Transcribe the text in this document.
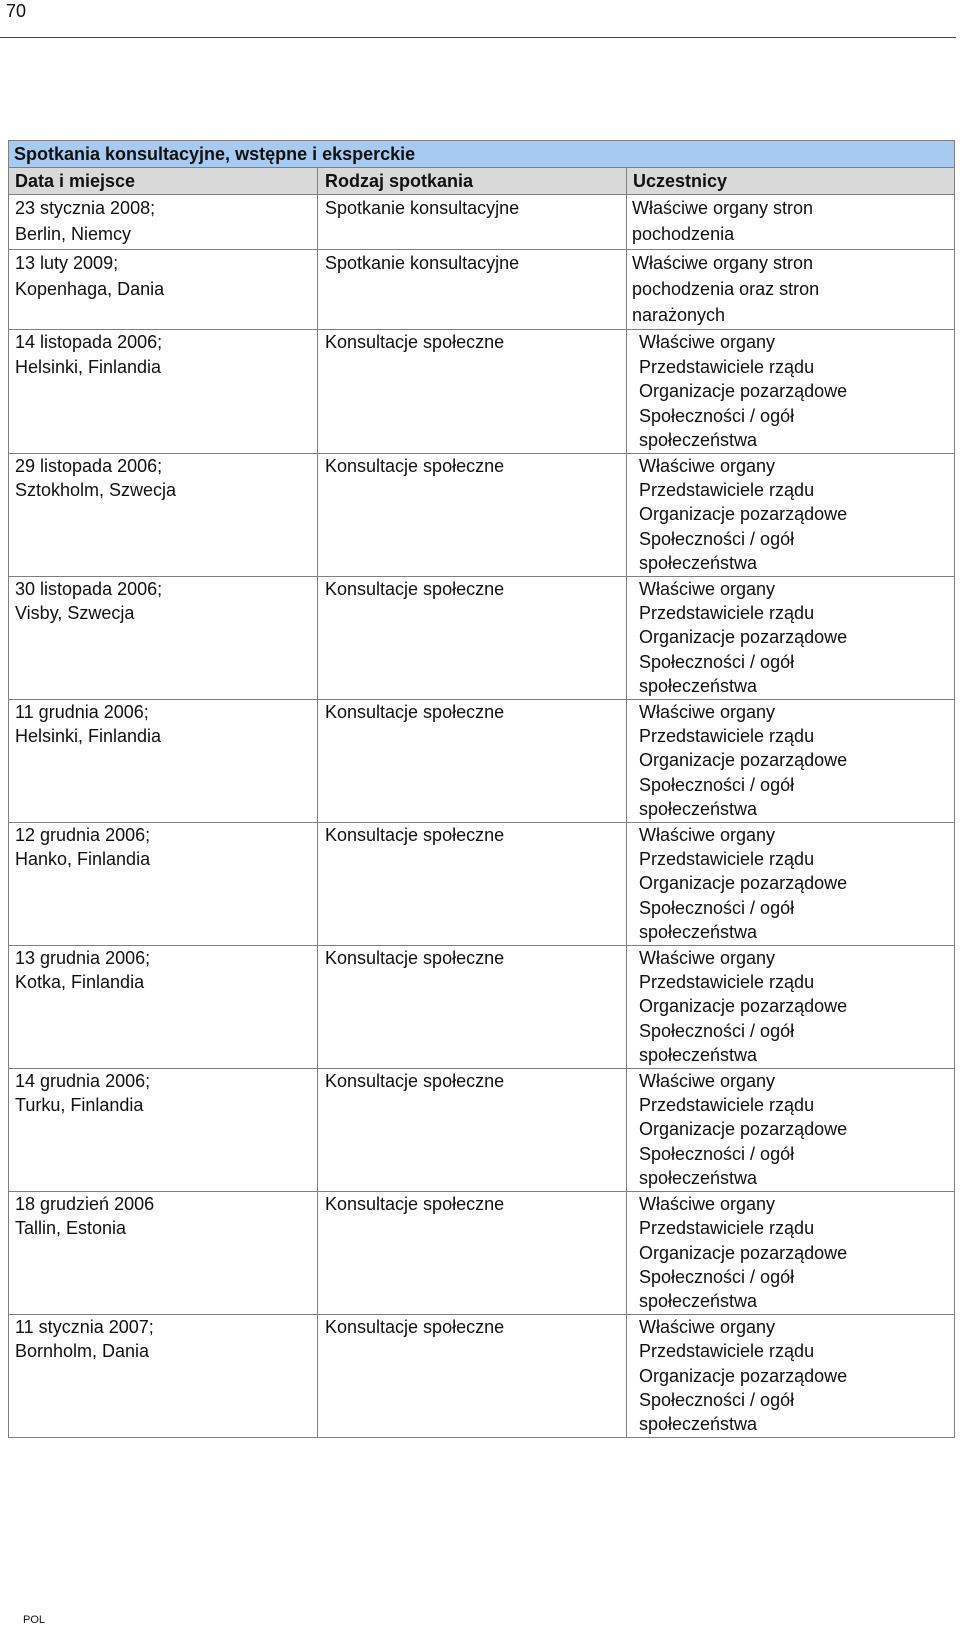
70
Spotkania konsultacyjne, wstępne i eksperckie		
Data i miejsce	Rodzaj spotkania	Uczestnicy

23 stycznia 2008;
Berlin, Niemcy	Spotkanie konsultacyjne	Właściwe organy stron
pochodzenia

13 luty 2009;
Kopenhaga, Dania	Spotkanie konsultacyjne	Właściwe organy stron
pochodzenia oraz stron
narażonych

14 listopada 2006;
Helsinki, Finlandia	Konsultacje społeczne	Właściwe organy
Przedstawiciele rządu
Organizacje pozarządowe
Społeczności / ogół
społeczeństwa

29 listopada 2006;
Sztokholm, Szwecja	Konsultacje społeczne	Właściwe organy
Przedstawiciele rządu
Organizacje pozarządowe
Społeczności / ogół
społeczeństwa

30 listopada 2006;
Visby, Szwecja	Konsultacje społeczne	Właściwe organy
Przedstawiciele rządu
Organizacje pozarządowe
Społeczności / ogół
społeczeństwa

11 grudnia 2006;
Helsinki, Finlandia	Konsultacje społeczne	Właściwe organy
Przedstawiciele rządu
Organizacje pozarządowe
Społeczności / ogół
społeczeństwa

12 grudnia 2006;
Hanko, Finlandia	Konsultacje społeczne	Właściwe organy
Przedstawiciele rządu
Organizacje pozarządowe
Społeczności / ogół
społeczeństwa

13 grudnia 2006;
Kotka, Finlandia	Konsultacje społeczne	Właściwe organy
Przedstawiciele rządu
Organizacje pozarządowe
Społeczności / ogół
społeczeństwa

14 grudnia 2006;
Turku, Finlandia	Konsultacje społeczne	Właściwe organy
Przedstawiciele rządu
Organizacje pozarządowe
Społeczności / ogół
społeczeństwa

18 grudzień 2006
Tallin, Estonia	Konsultacje społeczne	Właściwe organy
Przedstawiciele rządu
Organizacje pozarządowe
Społeczności / ogół
społeczeństwa

11 stycznia 2007;
Bornholm, Dania	Konsultacje społeczne	Właściwe organy
Przedstawiciele rządu
Organizacje pozarządowe
Społeczności / ogół
społeczeństwa
POL
